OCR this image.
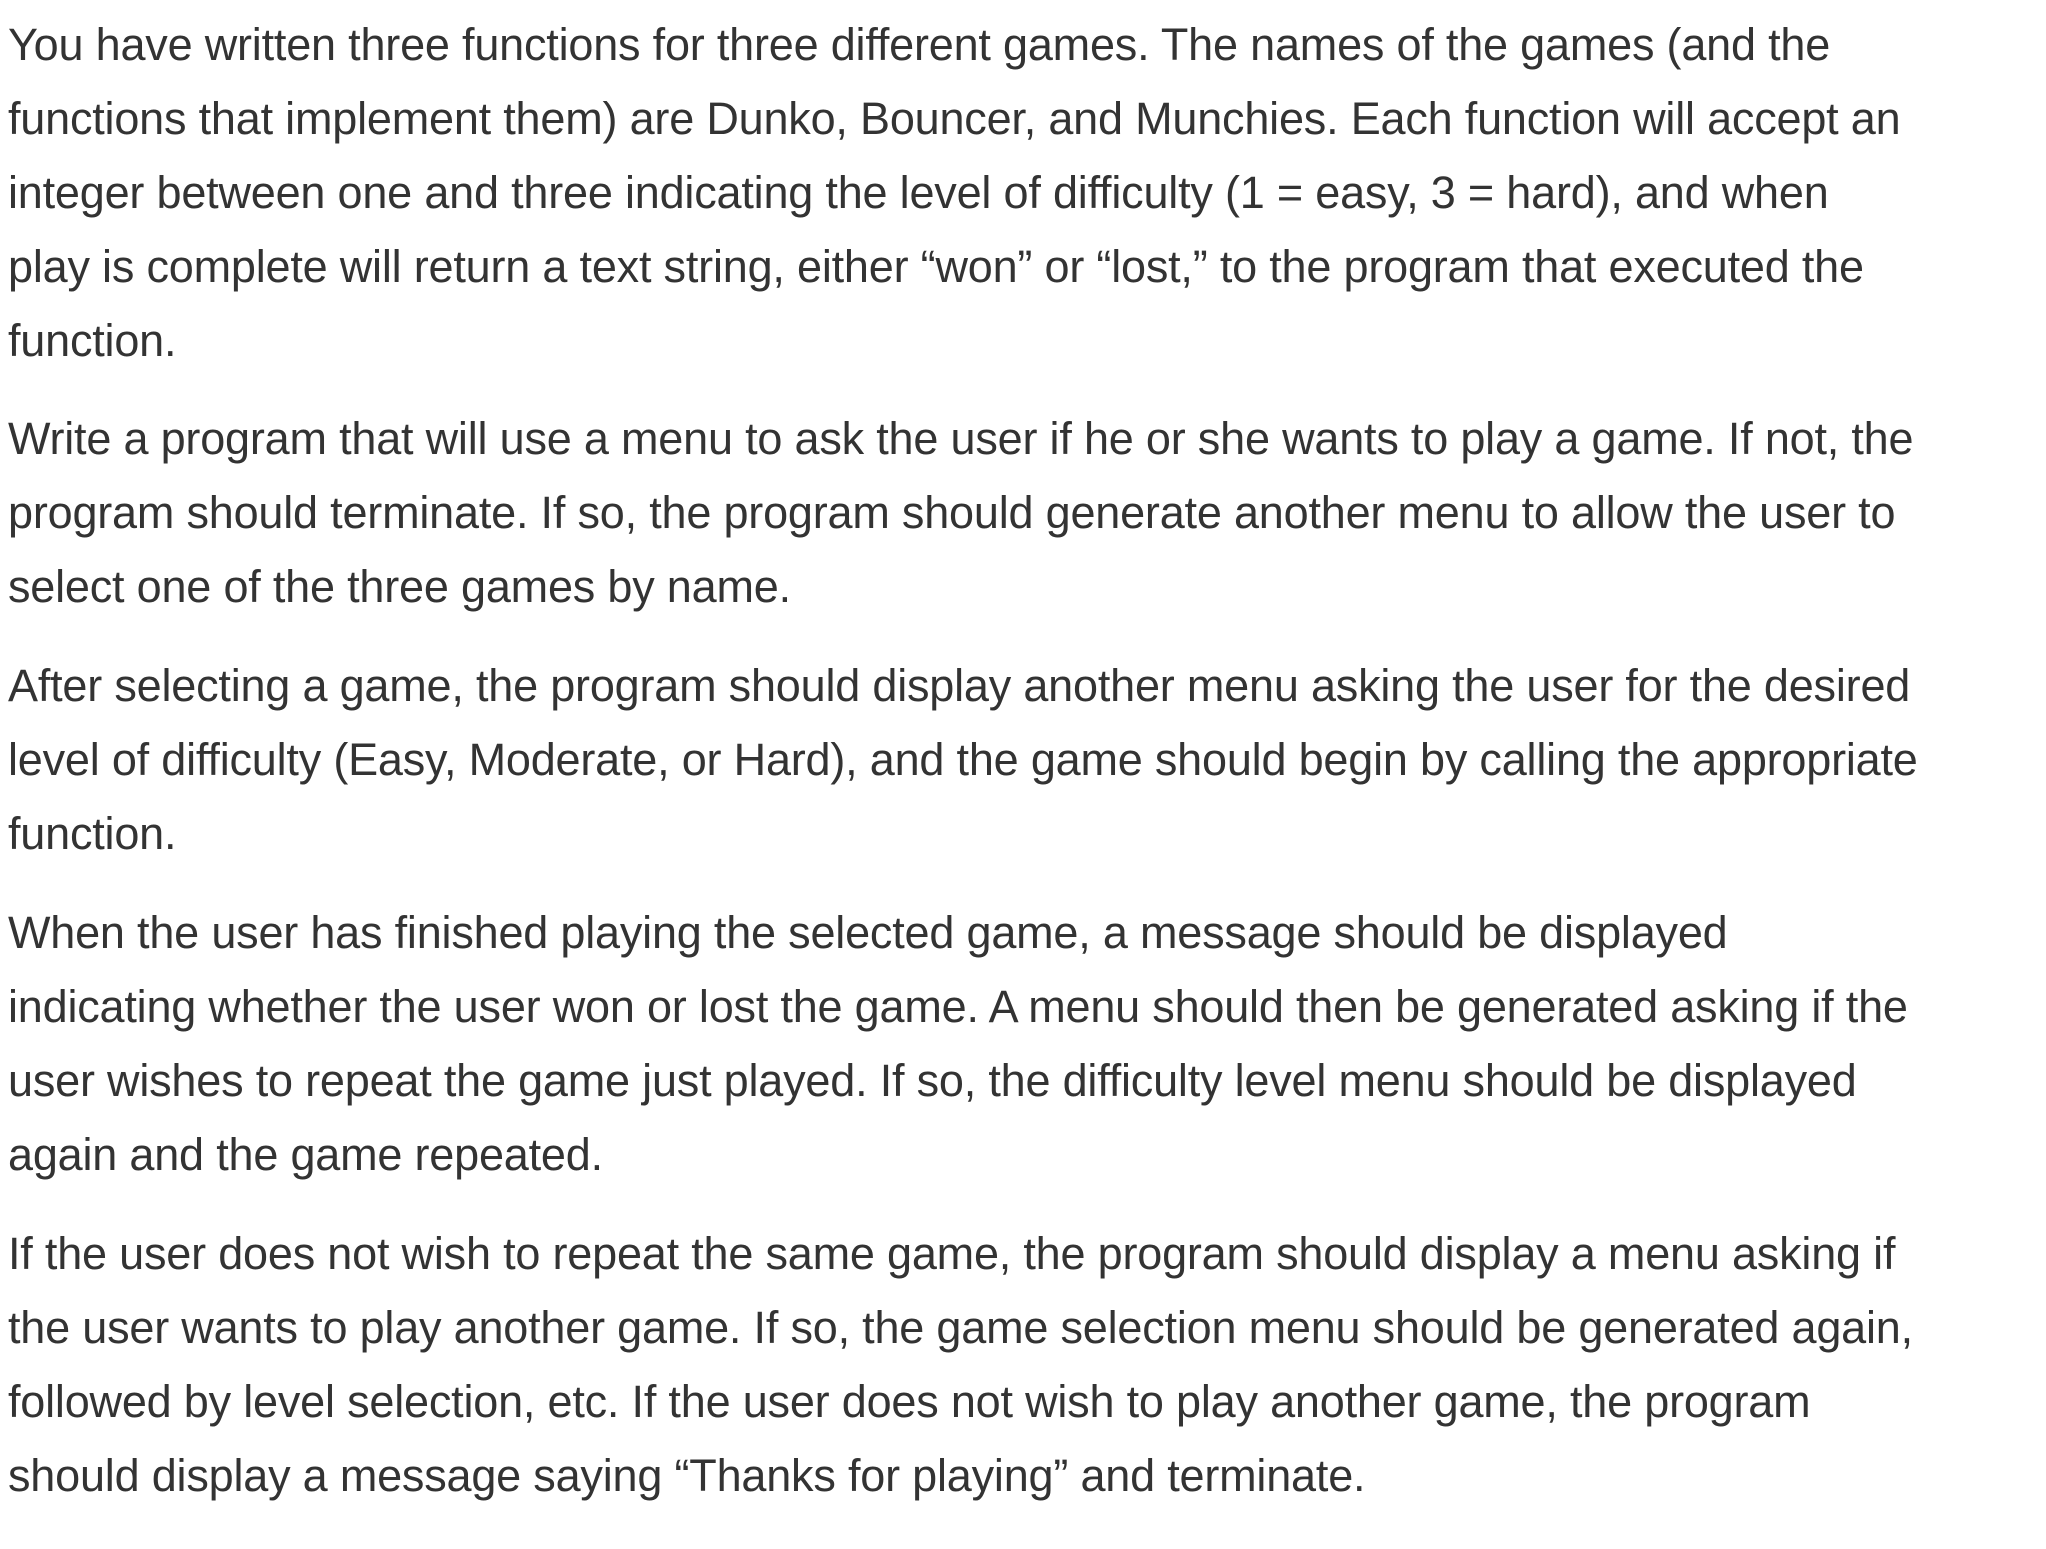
You have written three functions for three different games. The names of the games (and the
functions that implement them) are Dunko, Bouncer, and Munchies. Each function will accept an
integer between one and three indicating the level of difficulty (1 = easy, 3 = hard), and when
play is complete will return a text string, either “won” or “lost,” to the program that executed the
function.
Write a program that will use a menu to ask the user if he or she wants to play a game. If not, the
program should terminate. If so, the program should generate another menu to allow the user to
select one of the three games by name.
After selecting a game, the program should display another menu asking the user for the desired
level of difficulty (Easy, Moderate, or Hard), and the game should begin by calling the appropriate
function.
When the user has finished playing the selected game, a message should be displayed
indicating whether the user won or lost the game. A menu should then be generated asking if the
user wishes to repeat the game just played. If so, the difficulty level menu should be displayed
again and the game repeated.
If the user does not wish to repeat the same game, the program should display a menu asking if
the user wants to play another game. If so, the game selection menu should be generated again,
followed by level selection, etc. If the user does not wish to play another game, the program
should display a message saying “Thanks for playing” and terminate.
